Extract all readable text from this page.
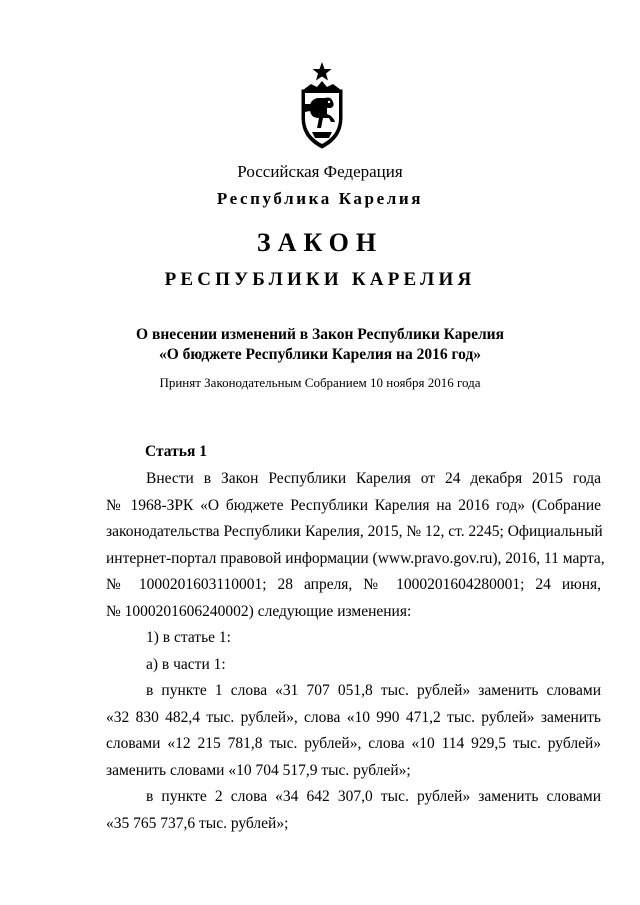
Российская Федерация
Республика Карелия
ЗАКОН
РЕСПУБЛИКИ КАРЕЛИЯ
О внесении изменений в Закон Республики Карелия
«О бюджете Республики Карелия на 2016 год»
Принят Законодательным Собранием 10 ноября 2016 года
Статья 1
Внести в Закон Республики Карелия от 24 декабря 2015 года
№ 1968-ЗРК «О бюджете Республики Карелия на 2016 год» (Собрание
законодательства Республики Карелия, 2015, № 12, ст. 2245; Официальный
интернет-портал правовой информации (www.pravo.gov.ru), 2016, 11 марта,
№ 1000201603110001; 28 апреля, № 1000201604280001; 24 июня,
№ 1000201606240002) следующие изменения:
1) в статье 1:
а) в части 1:
в пункте 1 слова «31 707 051,8 тыс. рублей» заменить словами
«32 830 482,4 тыс. рублей», слова «10 990 471,2 тыс. рублей» заменить
словами «12 215 781,8 тыс. рублей», слова «10 114 929,5 тыс. рублей»
заменить словами «10 704 517,9 тыс. рублей»;
в пункте 2 слова «34 642 307,0 тыс. рублей» заменить словами
«35 765 737,6 тыс. рублей»;
